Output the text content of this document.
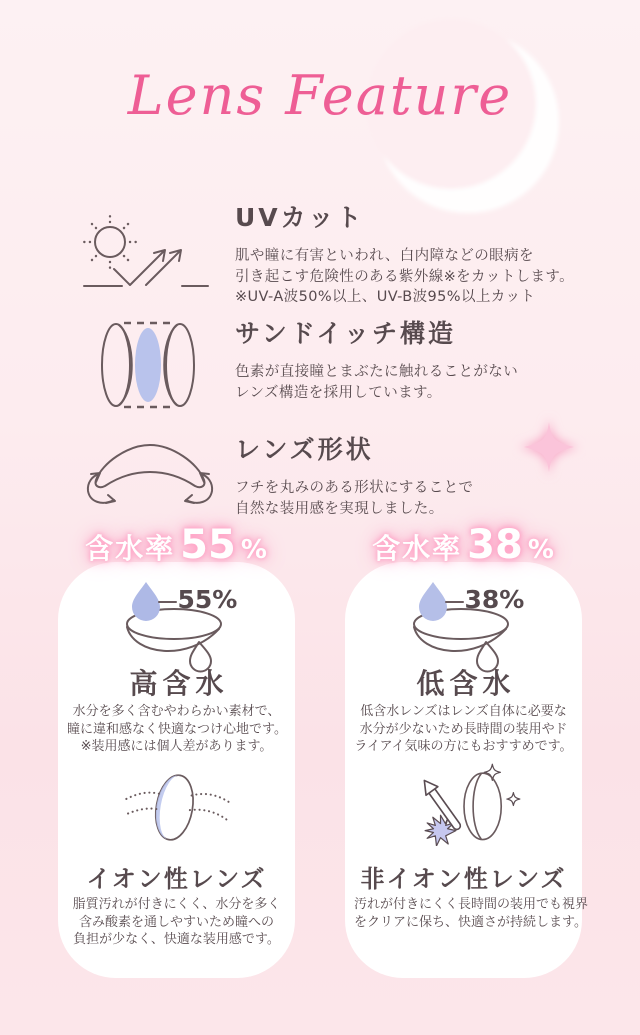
Lens Feature
UVカット

肌や瞳に有害といわれ、白内障などの眼病を

引き起こす危険性のある紫外線※をカットします。

※UV-A波50%以上、UV-B波95%以上カット

サンドイッチ構造

色素が直接瞳とまぶたに触れることがない

レンズ構造を採用しています。

レンズ形状

フチを丸みのある形状にすることで

自然な装用感を実現しました。

含水率 55 %	含水率 38 %
55%
高含水

水分を多く含むやわらかい素材で、

瞳に違和感なく快適なつけ心地です。

※装用感には個人差があります。

イオン性レンズ

脂質汚れが付きにくく、水分を多く

含み酸素を通しやすいため瞳への

負担が少なく、快適な装用感です。

38%
低含水

低含水レンズはレンズ自体に必要な

水分が少ないため長時間の装用やド

ライアイ気味の方にもおすすめです。

非イオン性レンズ

汚れが付きにくく長時間の装用でも視界

をクリアに保ち、快適さが持続します。
